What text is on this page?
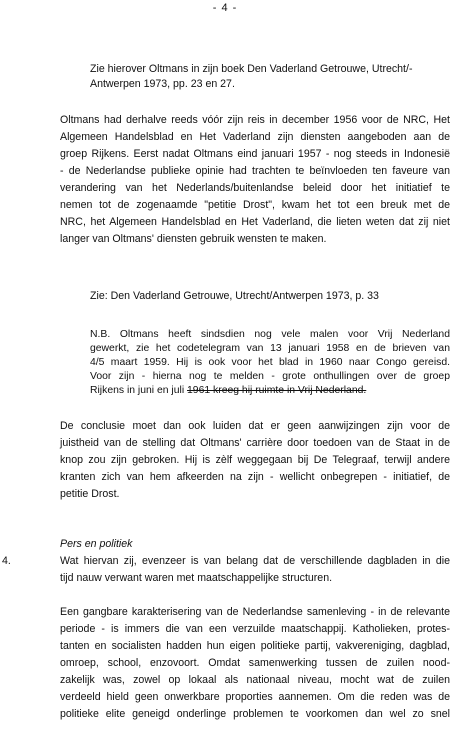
- 4 -
Zie hierover Oltmans in zijn boek Den Vaderland Getrouwe, Utrecht/-
Antwerpen 1973, pp. 23 en 27.
Oltmans had derhalve reeds vóór zijn reis in december 1956 voor de NRC, Het
Algemeen Handelsblad en Het Vaderland zijn diensten aangeboden aan de
groep Rijkens. Eerst nadat Oltmans eind januari 1957 - nog steeds in Indonesië
- de Nederlandse publieke opinie had trachten te beïnvloeden ten faveure van
verandering van het Nederlands/buitenlandse beleid door het initiatief te
nemen tot de zogenaamde "petitie Drost", kwam het tot een breuk met de
NRC, het Algemeen Handelsblad en Het Vaderland, die lieten weten dat zij niet
langer van Oltmans' diensten gebruik wensten te maken.
Zie: Den Vaderland Getrouwe, Utrecht/Antwerpen 1973, p. 33
N.B. Oltmans heeft sindsdien nog vele malen voor Vrij Nederland
gewerkt, zie het codetelegram van 13 januari 1958 en de brieven van
4/5 maart 1959. Hij is ook voor het blad in 1960 naar Congo gereisd.
Voor zijn - hierna nog te melden - grote onthullingen over de groep
Rijkens in juni en juli 1961 kreeg hij ruimte in Vrij Nederland.
De conclusie moet dan ook luiden dat er geen aanwijzingen zijn voor de
juistheid van de stelling dat Oltmans' carrière door toedoen van de Staat in de
knop zou zijn gebroken. Hij is zèlf weggegaan bij De Telegraaf, terwijl andere
kranten zich van hem afkeerden na zijn - wellicht onbegrepen - initiatief, de
petitie Drost.
Pers en politiek
4.	Wat hiervan zij, evenzeer is van belang dat de verschillende dagbladen in die
tijd nauw verwant waren met maatschappelijke structuren.
Een gangbare karakterisering van de Nederlandse samenleving - in de relevante
periode - is immers die van een verzuilde maatschappij. Katholieken, protes-
tanten en socialisten hadden hun eigen politieke partij, vakvereniging, dagblad,
omroep, school, enzovoort. Omdat samenwerking tussen de zuilen nood-
zakelijk was, zowel op lokaal als nationaal niveau, mocht wat de zuilen
verdeeld hield geen onwerkbare proporties aannemen. Om die reden was de
politieke elite geneigd onderlinge problemen te voorkomen dan wel zo snel
